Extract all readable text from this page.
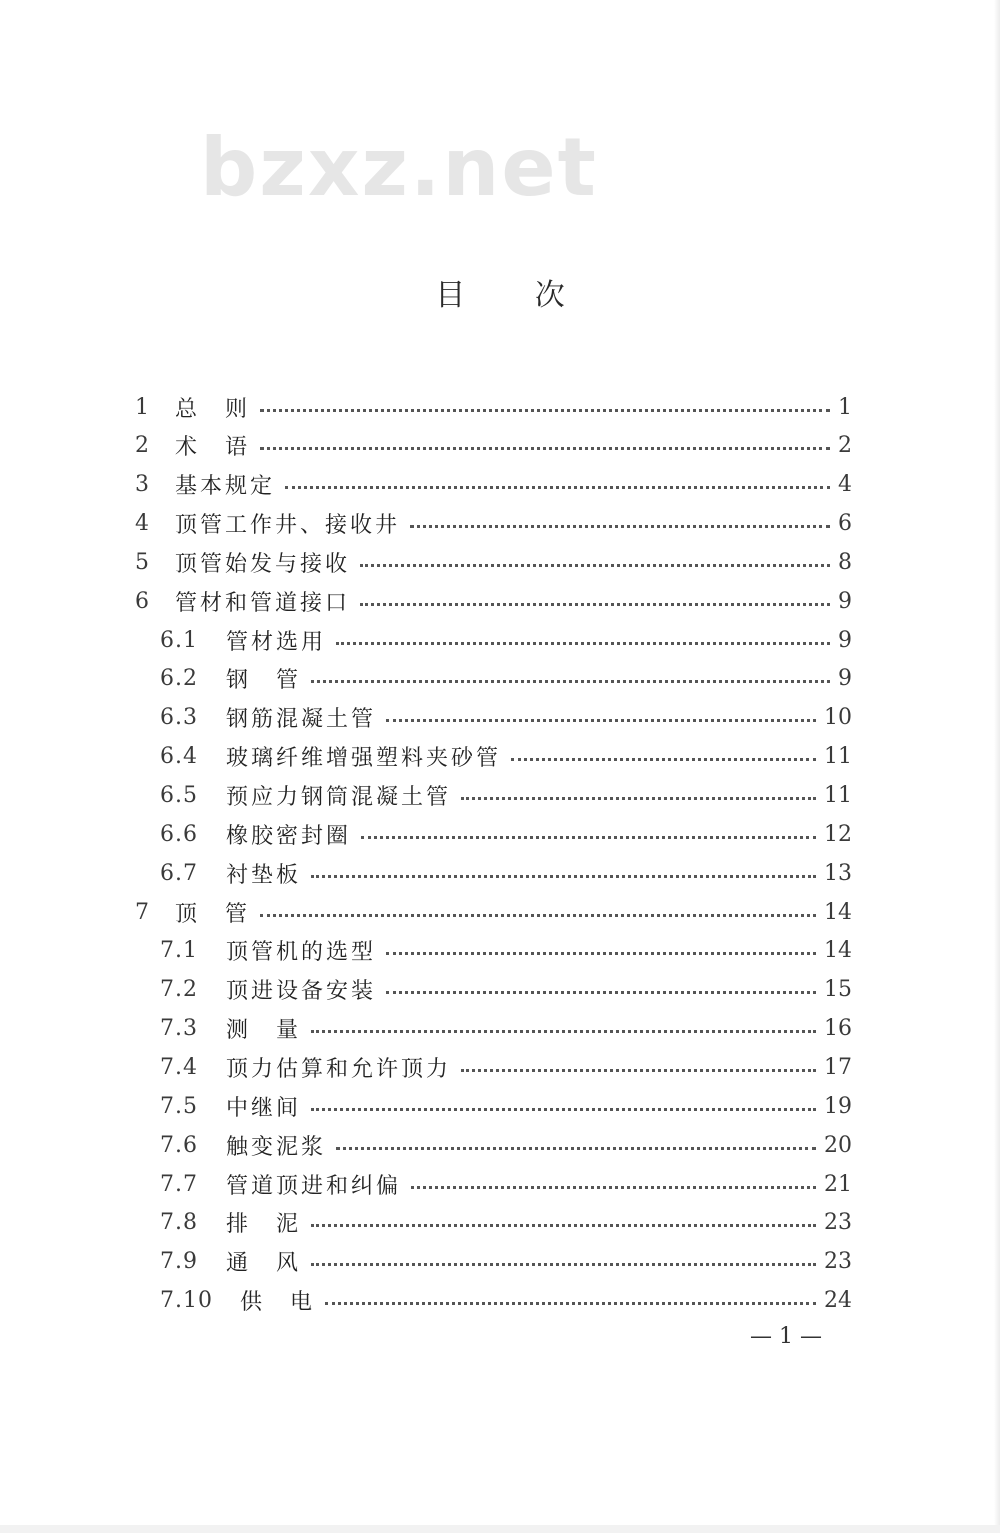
bzxz.net
目 次
1	总　则	1
2	术　语	2
3	基本规定	4
4	顶管工作井、接收井	6
5	顶管始发与接收	8
6	管材和管道接口	9
6.1	管材选用	9
6.2	钢　管	9
6.3	钢筋混凝土管	10
6.4	玻璃纤维增强塑料夹砂管	11
6.5	预应力钢筒混凝土管	11
6.6	橡胶密封圈	12
6.7	衬垫板	13
7	顶　管	14
7.1	顶管机的选型	14
7.2	顶进设备安装	15
7.3	测　量	16
7.4	顶力估算和允许顶力	17
7.5	中继间	19
7.6	触变泥浆	20
7.7	管道顶进和纠偏	21
7.8	排　泥	23
7.9	通　风	23
7.10	供　电	24
— 1 —
